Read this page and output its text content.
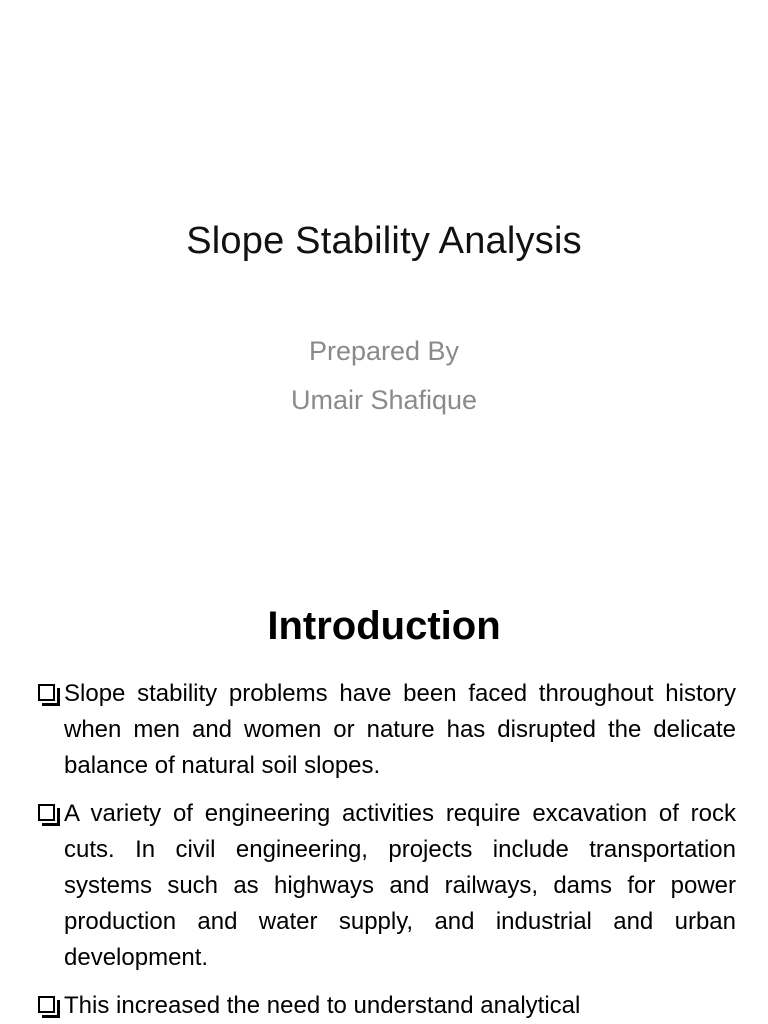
Slope Stability Analysis
Prepared By
Umair Shafique
Introduction
Slope stability problems have been faced throughout history when men and women or nature has disrupted the delicate balance of natural soil slopes.
A variety of engineering activities require excavation of rock cuts. In civil engineering, projects include transportation systems such as highways and railways, dams for power production and water supply, and industrial and urban development.
This increased the need to understand analytical
